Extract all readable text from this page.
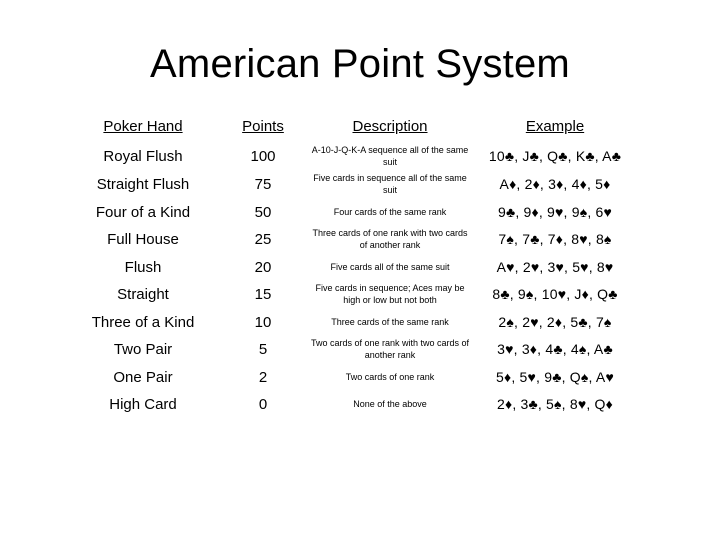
American Point System
Poker Hand	Points	Description	Example
Royal Flush	100	A-10-J-Q-K-A sequence all of the same suit	10♣, J♣, Q♣, K♣, A♣
Straight Flush	75	Five cards in sequence all of the same suit	A♦, 2♦, 3♦, 4♦, 5♦
Four of a Kind	50	Four cards of the same rank	9♣, 9♦, 9♥, 9♠, 6♥
Full House	25	Three cards of one rank with two cards of another rank	7♠, 7♣, 7♦, 8♥, 8♠
Flush	20	Five cards all of the same suit	A♥, 2♥, 3♥, 5♥, 8♥
Straight	15	Five cards in sequence; Aces may be high or low but not both	8♣, 9♠, 10♥, J♦, Q♣
Three of a Kind	10	Three cards of the same rank	2♠, 2♥, 2♦, 5♣, 7♠
Two Pair	5	Two cards of one rank with two cards of another rank	3♥, 3♦, 4♣, 4♠, A♣
One Pair	2	Two cards of one rank	5♦, 5♥, 9♣, Q♠, A♥
High Card	0	None of the above	2♦, 3♣, 5♠, 8♥, Q♦
